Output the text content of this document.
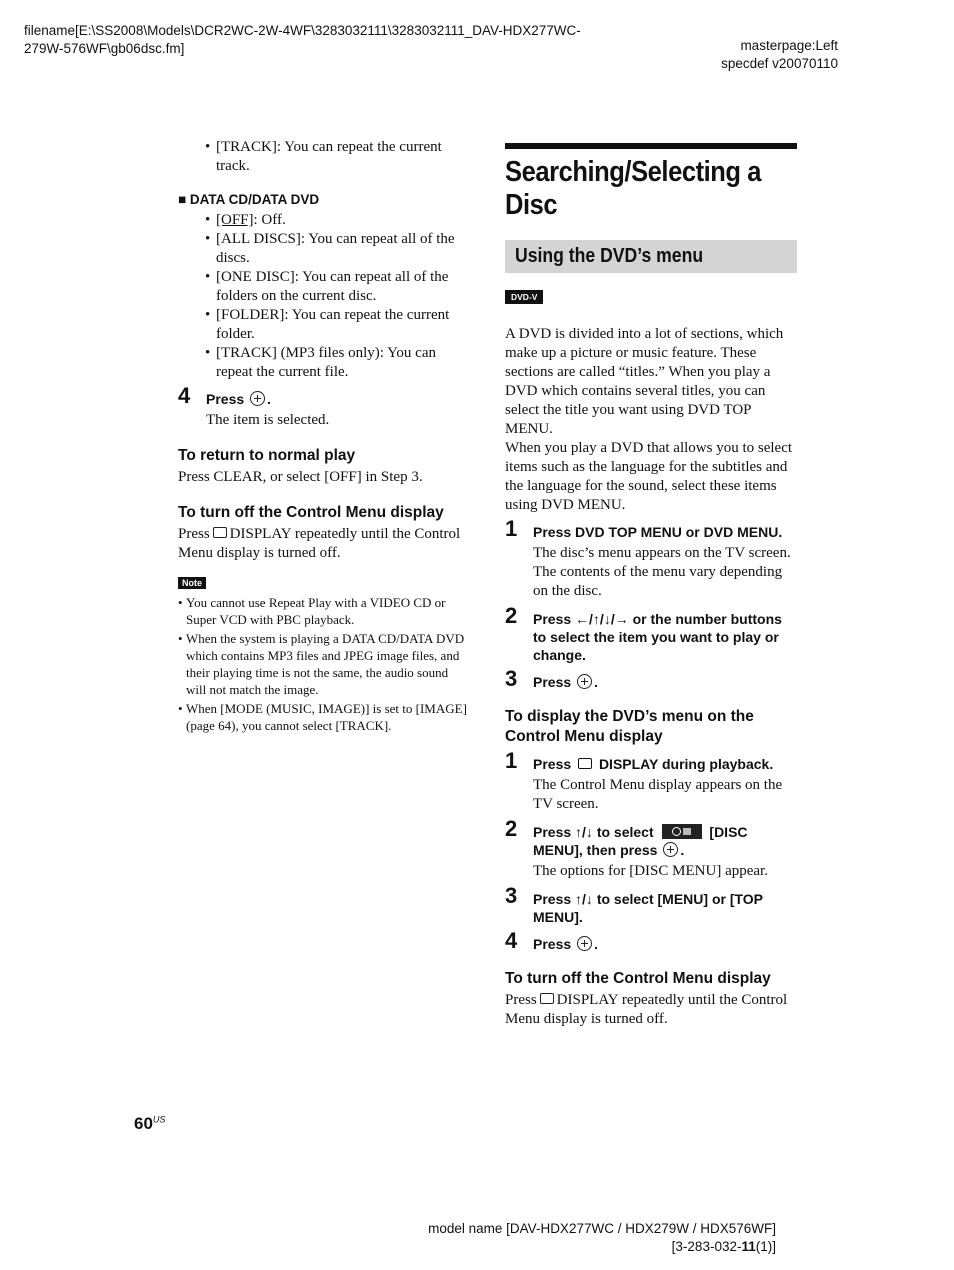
filename[E:\SS2008\Models\DCR2WC-2W-4WF\3283032111\3283032111_DAV-HDX277WC-
279W-576WF\gb06dsc.fm]	masterpage:Left
specdef v20070110
• [TRACK]: You can repeat the current track.
■ DATA CD/DATA DVD
• [OFF]: Off.
• [ALL DISCS]: You can repeat all of the discs.
• [ONE DISC]: You can repeat all of the folders on the current disc.
• [FOLDER]: You can repeat the current folder.
• [TRACK] (MP3 files only): You can repeat the current file.
4	Press .
The item is selected.
To return to normal play
Press CLEAR, or select [OFF] in Step 3.
To turn off the Control Menu display
Press DISPLAY repeatedly until the Control Menu display is turned off.
Note
• You cannot use Repeat Play with a VIDEO CD or Super VCD with PBC playback.
• When the system is playing a DATA CD/DATA DVD which contains MP3 files and JPEG image files, and their playing time is not the same, the audio sound will not match the image.
• When [MODE (MUSIC, IMAGE)] is set to [IMAGE] (page 64), you cannot select [TRACK].
Searching/Selecting a Disc
Using the DVD’s menu
DVD-V
A DVD is divided into a lot of sections, which make up a picture or music feature. These sections are called “titles.” When you play a DVD which contains several titles, you can select the title you want using DVD TOP MENU.
When you play a DVD that allows you to select items such as the language for the subtitles and the language for the sound, select these items using DVD MENU.
1	Press DVD TOP MENU or DVD MENU.
The disc’s menu appears on the TV screen. The contents of the menu vary depending on the disc.
2	Press ←/↑/↓/→ or the number buttons to select the item you want to play or change.
3	Press .
To display the DVD’s menu on the Control Menu display
1	Press DISPLAY during playback.
The Control Menu display appears on the TV screen.
2	Press ↑/↓ to select	[DISC MENU], then press .
The options for [DISC MENU] appear.
3	Press ↑/↓ to select [MENU] or [TOP MENU].
4	Press .
To turn off the Control Menu display
Press DISPLAY repeatedly until the Control Menu display is turned off.
$60^{US}$
model name [DAV-HDX277WC / HDX279W / HDX576WF]
[3-283-032-11(1)]
